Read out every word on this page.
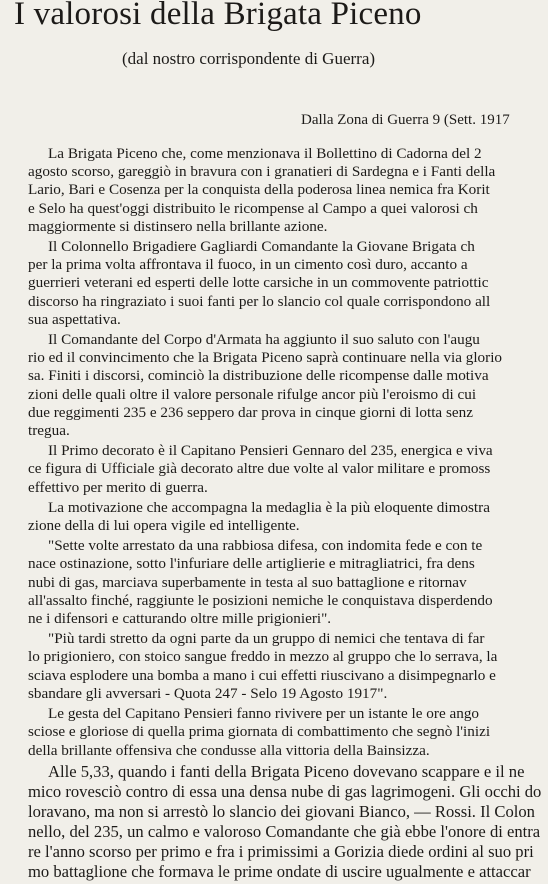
I valorosi della Brigata Piceno
(dal nostro corrispondente di Guerra)
Dalla Zona di Guerra 9 (Sett. 1917
La Brigata Piceno che, come menzionava il Bollettino di Cadorna del 2
agosto scorso, gareggiò in bravura con i granatieri di Sardegna e i Fanti della
Lario, Bari e Cosenza per la conquista della poderosa linea nemica fra Korit
e Selo ha quest'oggi distribuito le ricompense al Campo a quei valorosi ch
maggiormente si distinsero nella brillante azione.
Il Colonnello Brigadiere Gagliardi Comandante la Giovane Brigata ch
per la prima volta affrontava il fuoco, in un cimento così duro, accanto a
guerrieri veterani ed esperti delle lotte carsiche in un commovente patriottic
discorso ha ringraziato i suoi fanti per lo slancio col quale corrispondono all
sua aspettativa.
Il Comandante del Corpo d'Armata ha aggiunto il suo saluto con l'augu
rio ed il convincimento che la Brigata Piceno saprà continuare nella via glorio
sa. Finiti i discorsi, cominciò la distribuzione delle ricompense dalle motiva
zioni delle quali oltre il valore personale rifulge ancor più l'eroismo di cui
due reggimenti 235 e 236 seppero dar prova in cinque giorni di lotta senz
tregua.
Il Primo decorato è il Capitano Pensieri Gennaro del 235, energica e viva
ce figura di Ufficiale già decorato altre due volte al valor militare e promoss
effettivo per merito di guerra.
La motivazione che accompagna la medaglia è la più eloquente dimostra
zione della di lui opera vigile ed intelligente.
"Sette volte arrestato da una rabbiosa difesa, con indomita fede e con te
nace ostinazione, sotto l'infuriare delle artiglierie e mitragliatrici, fra dens
nubi di gas, marciava superbamente in testa al suo battaglione e ritornav
all'assalto finché, raggiunte le posizioni nemiche le conquistava disperdendo
ne i difensori e catturando oltre mille prigionieri".
"Più tardi stretto da ogni parte da un gruppo di nemici che tentava di far
lo prigioniero, con stoico sangue freddo in mezzo al gruppo che lo serrava, la
sciava esplodere una bomba a mano i cui effetti riuscivano a disimpegnarlo e
sbandare gli avversari - Quota 247 - Selo 19 Agosto 1917".
Le gesta del Capitano Pensieri fanno rivivere per un istante le ore ango
sciose e gloriose di quella prima giornata di combattimento che segnò l'inizi
della brillante offensiva che condusse alla vittoria della Bainsizza.
Alle 5,33, quando i fanti della Brigata Piceno dovevano scappare e il ne
mico rovesciò contro di essa una densa nube di gas lagrimogeni. Gli occhi do
loravano, ma non si arrestò lo slancio dei giovani Bianco, — Rossi. Il Colon
nello, del 235, un calmo e valoroso Comandante che già ebbe l'onore di entra
re l'anno scorso per primo e fra i primissimi a Gorizia diede ordini al suo pri
mo battaglione che formava le prime ondate di uscire ugualmente e attaccar
